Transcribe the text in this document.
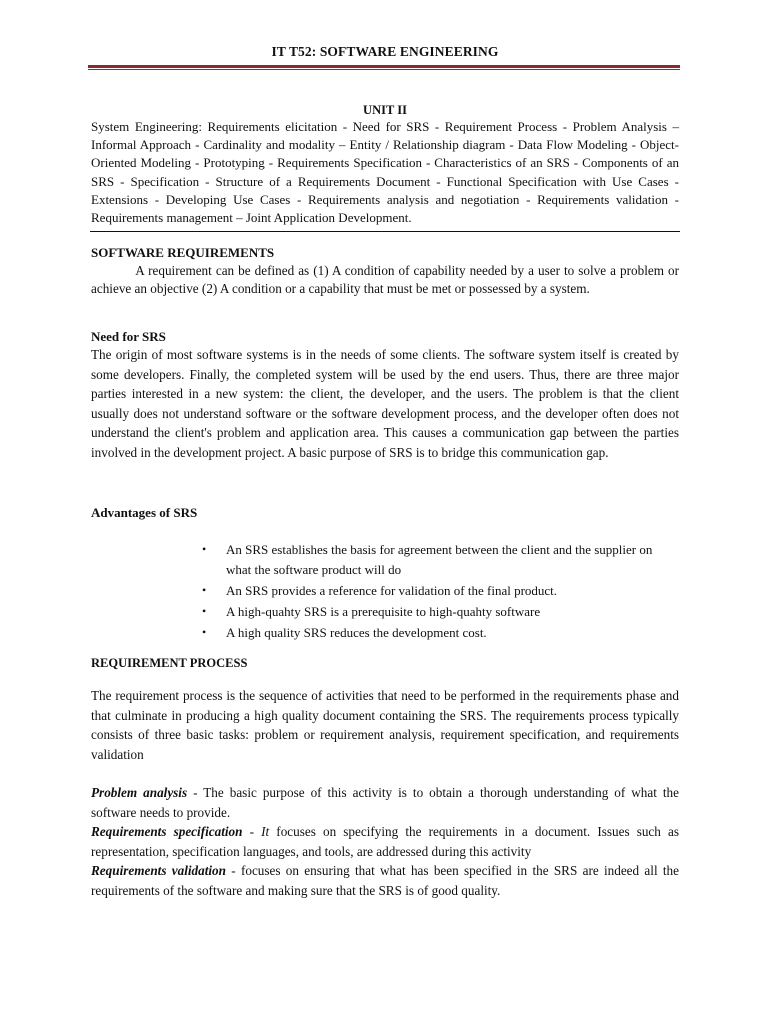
IT T52: SOFTWARE ENGINEERING
UNIT II
System Engineering: Requirements elicitation - Need for SRS - Requirement Process - Problem Analysis – Informal Approach - Cardinality and modality – Entity / Relationship diagram - Data Flow Modeling - Object-Oriented Modeling - Prototyping - Requirements Specification - Characteristics of an SRS - Components of an SRS - Specification - Structure of a Requirements Document - Functional Specification with Use Cases - Extensions - Developing Use Cases - Requirements analysis and negotiation - Requirements validation - Requirements management – Joint Application Development.
SOFTWARE REQUIREMENTS
A requirement can be defined as (1) A condition of capability needed by a user to solve a problem or achieve an objective (2) A condition or a capability that must be met or possessed by a system.
Need for SRS
The origin of most software systems is in the needs of some clients. The software system itself is created by some developers. Finally, the completed system will be used by the end users. Thus, there are three major parties interested in a new system: the client, the developer, and the users. The problem is that the client usually does not understand software or the software development process, and the developer often does not understand the client's problem and application area. This causes a communication gap between the parties involved in the development project. A basic purpose of SRS is to bridge this communication gap.
Advantages of SRS
• An SRS establishes the basis for agreement between the client and the supplier on what the software product will do
• An SRS provides a reference for validation of the final product.
• A high-quahty SRS is a prerequisite to high-quahty software
• A high quality SRS reduces the development cost.
REQUIREMENT PROCESS
The requirement process is the sequence of activities that need to be performed in the requirements phase and that culminate in producing a high quality document containing the SRS. The requirements process typically consists of three basic tasks: problem or requirement analysis, requirement specification, and requirements validation
Problem analysis - The basic purpose of this activity is to obtain a thorough understanding of what the software needs to provide.
Requirements specification - It focuses on specifying the requirements in a document. Issues such as representation, specification languages, and tools, are addressed during this activity
Requirements validation - focuses on ensuring that what has been specified in the SRS are indeed all the requirements of the software and making sure that the SRS is of good quality.
